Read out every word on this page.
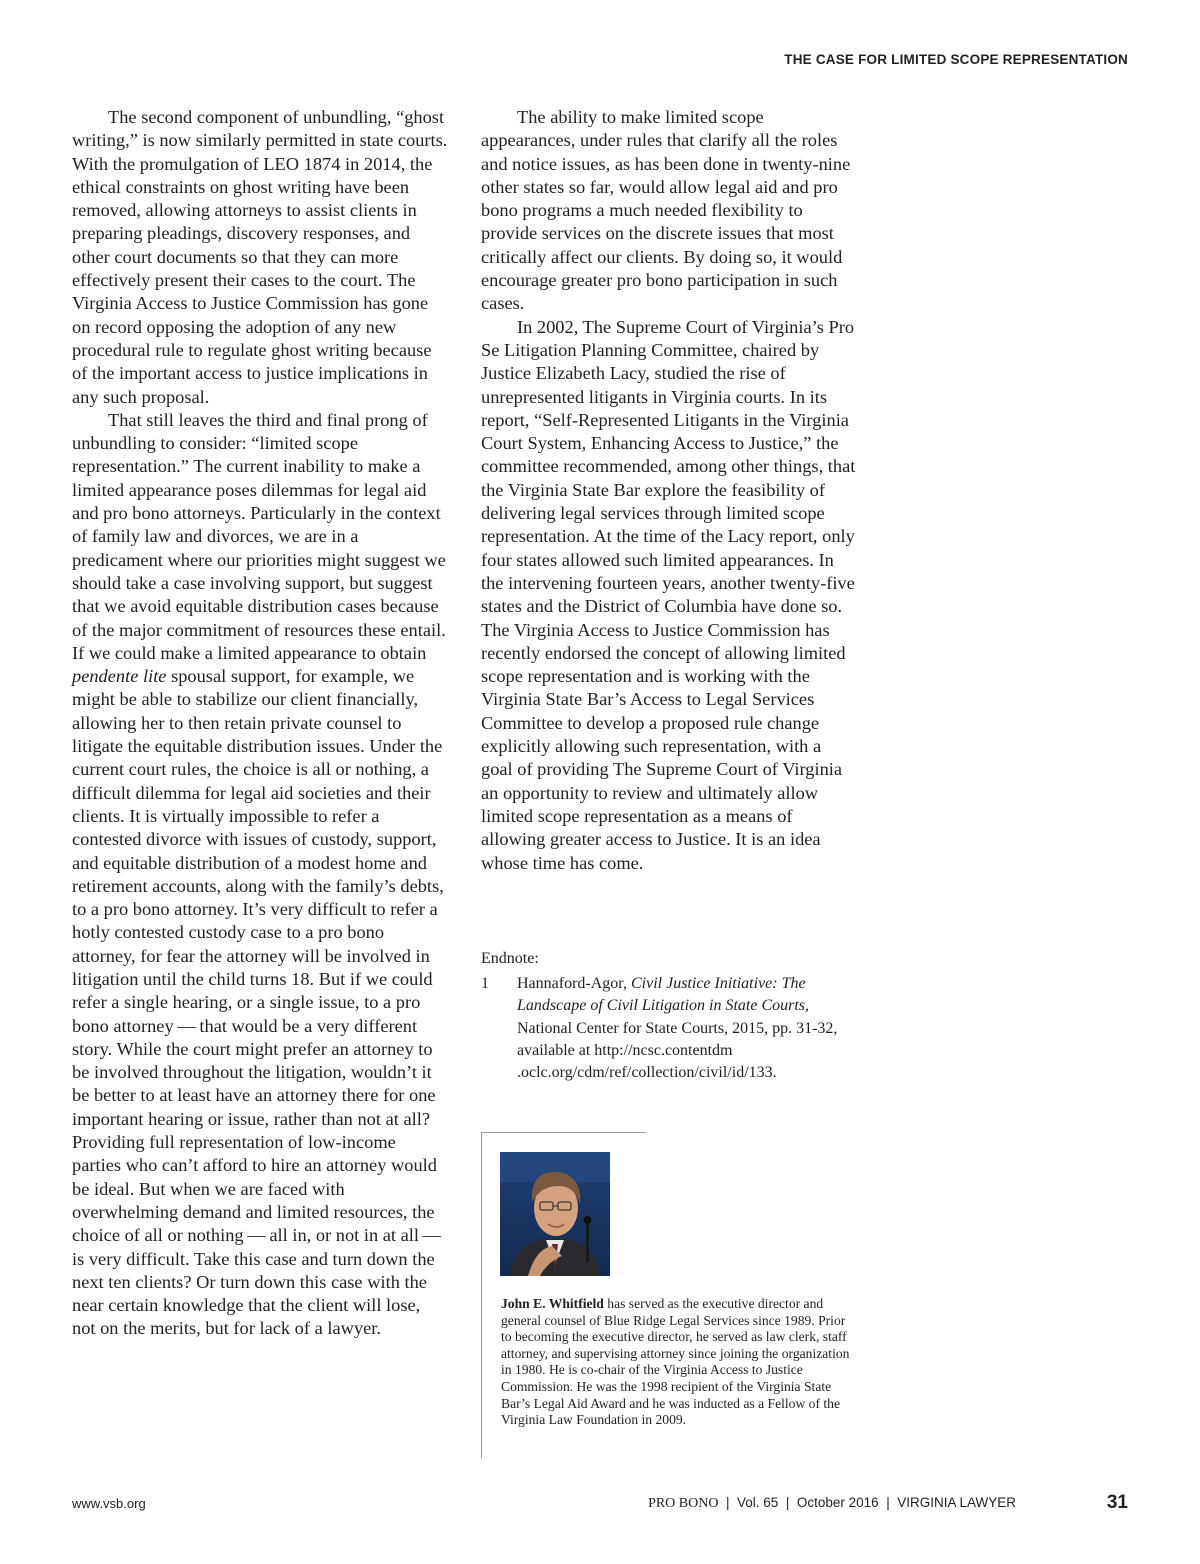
THE CASE FOR LIMITED SCOPE REPRESENTATION

The second component of unbundling, “ghost writing,” is now similarly permitted in state courts. With the promulgation of LEO 1874 in 2014, the ethical constraints on ghost writing have been removed, allowing attorneys to assist clients in preparing pleadings, discovery responses, and other court documents so that they can more effectively present their cases to the court. The Virginia Access to Justice Commission has gone on record opposing the adoption of any new procedural rule to regulate ghost writing because of the important access to justice implications in any such proposal.

That still leaves the third and final prong of unbundling to consider: “limited scope representation.” The current inability to make a limited appearance poses dilemmas for legal aid and pro bono attorneys. Particularly in the context of family law and divorces, we are in a predicament where our priorities might suggest we should take a case involving support, but suggest that we avoid equitable distribution cases because of the major commitment of resources these entail. If we could make a limited appearance to obtain pendente lite spousal support, for example, we might be able to stabilize our client financially, allowing her to then retain private counsel to litigate the equitable distribution issues. Under the current court rules, the choice is all or nothing, a difficult dilemma for legal aid societies and their clients. It is virtually impossible to refer a contested divorce with issues of custody, support, and equitable distribution of a modest home and retirement accounts, along with the family’s debts, to a pro bono attorney. It’s very difficult to refer a hotly contested custody case to a pro bono attorney, for fear the attorney will be involved in litigation until the child turns 18. But if we could refer a single hearing, or a single issue, to a pro bono attorney — that would be a very different story. While the court might prefer an attorney to be involved throughout the litigation, wouldn’t it be better to at least have an attorney there for one important hearing or issue, rather than not at all? Providing full representation of low-income parties who can’t afford to hire an attorney would be ideal. But when we are faced with overwhelming demand and limited resources, the choice of all or nothing — all in, or not in at all — is very difficult. Take this case and turn down the next ten clients? Or turn down this case with the near certain knowledge that the client will lose, not on the merits, but for lack of a lawyer.

The ability to make limited scope appearances, under rules that clarify all the roles and notice issues, as has been done in twenty-nine other states so far, would allow legal aid and pro bono programs a much needed flexibility to provide services on the discrete issues that most critically affect our clients. By doing so, it would encourage greater pro bono participation in such cases.

In 2002, The Supreme Court of Virginia’s Pro Se Litigation Planning Committee, chaired by Justice Elizabeth Lacy, studied the rise of unrepresented litigants in Virginia courts. In its report, “Self-Represented Litigants in the Virginia Court System, Enhancing Access to Justice,” the committee recommended, among other things, that the Virginia State Bar explore the feasibility of delivering legal services through limited scope representation. At the time of the Lacy report, only four states allowed such limited appearances. In the intervening fourteen years, another twenty-five states and the District of Columbia have done so. The Virginia Access to Justice Commission has recently endorsed the concept of allowing limited scope representation and is working with the Virginia State Bar’s Access to Legal Services Committee to develop a proposed rule change explicitly allowing such representation, with a goal of providing The Supreme Court of Virginia an opportunity to review and ultimately allow limited scope representation as a means of allowing greater access to Justice. It is an idea whose time has come.

Endnote:
1	Hannaford-Agor, Civil Justice Initiative: The Landscape of Civil Litigation in State Courts, National Center for State Courts, 2015, pp. 31-32, available at http://ncsc.contentdm .oclc.org/cdm/ref/collection/civil/id/133.
John E. Whitfield has served as the executive director and general counsel of Blue Ridge Legal Services since 1989. Prior to becoming the executive director, he served as law clerk, staff attorney, and supervising attorney since joining the organization in 1980. He is co-chair of the Virginia Access to Justice Commission. He was the 1998 recipient of the Virginia State Bar’s Legal Aid Award and he was inducted as a Fellow of the Virginia Law Foundation in 2009.
www.vsb.org	PRO BONO | Vol. 65 | October 2016 | VIRGINIA LAWYER	31
